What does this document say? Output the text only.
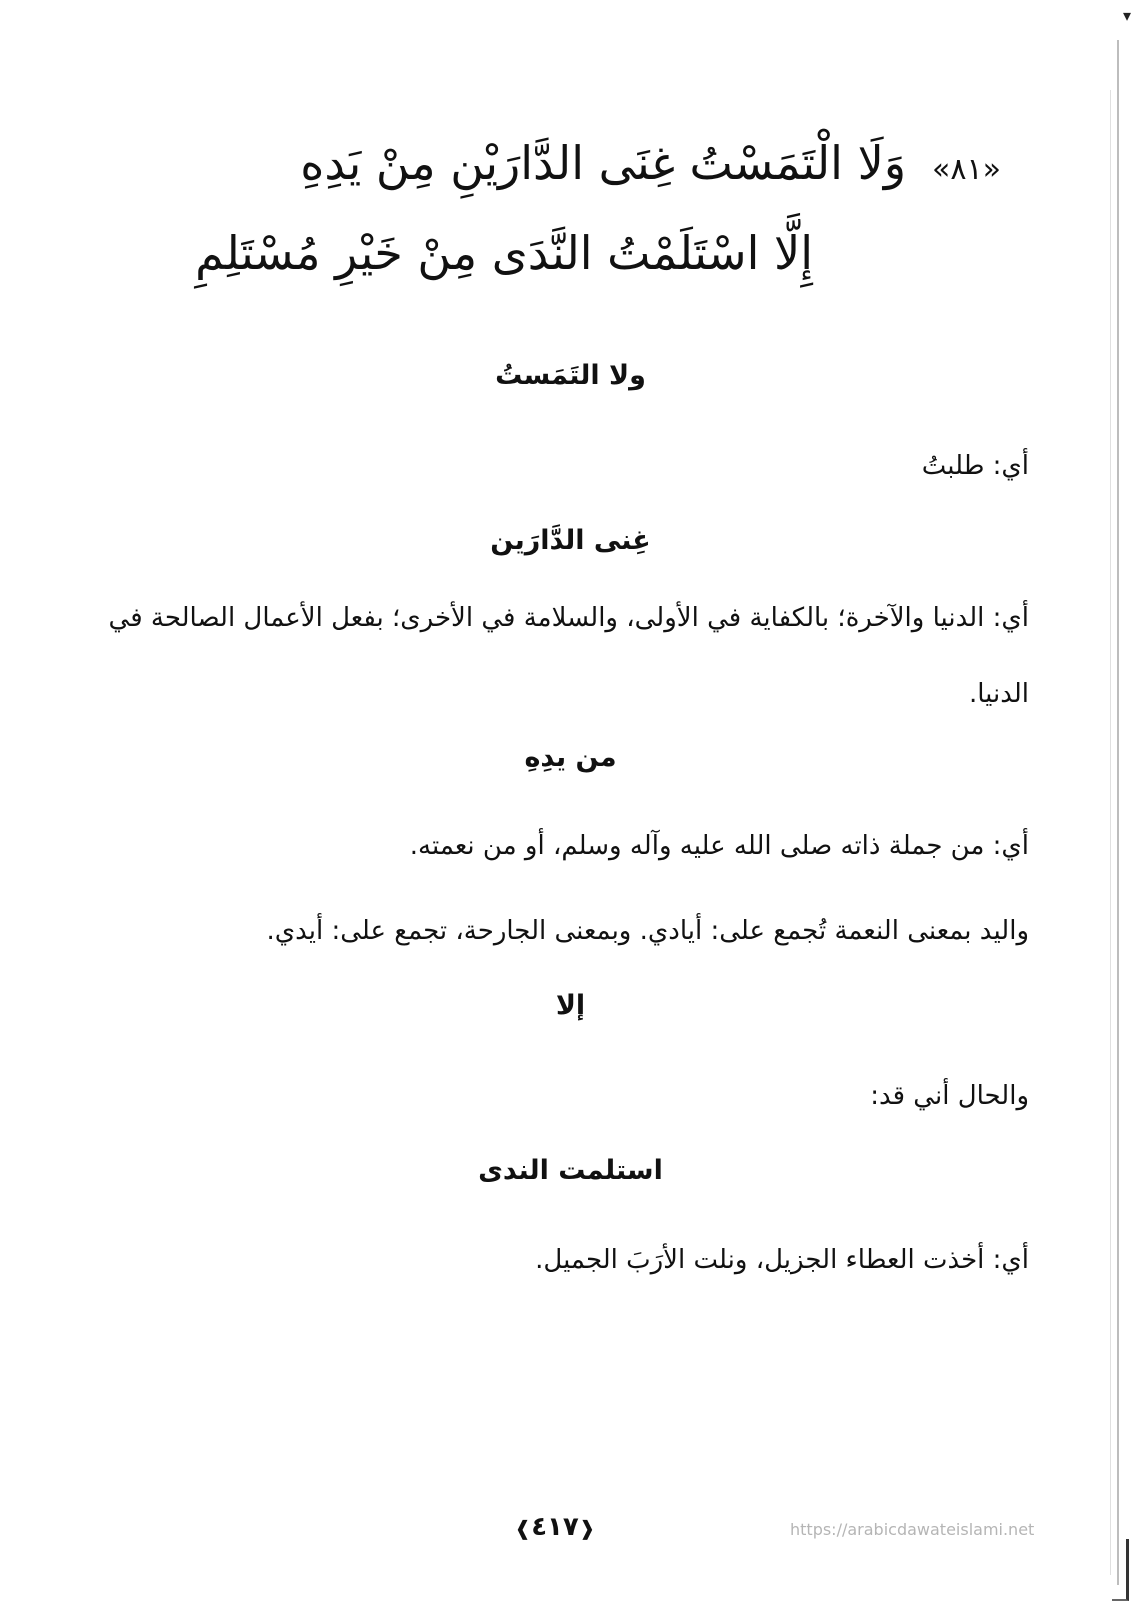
▾
«٨١»وَلَا الْتَمَسْتُ غِنَى الدَّارَيْنِ مِنْ يَدِهِ
إِلَّا اسْتَلَمْتُ النَّدَى مِنْ خَيْرِ مُسْتَلِمِ
ولا التَمَستُ
أي: طلبتُ
غِنى الدَّارَين
أي: الدنيا والآخرة؛ بالكفاية في الأولى، والسلامة في الأخرى؛ بفعل الأعمال الصالحة في الدنيا.
من يدِهِ
أي: من جملة ذاته صلى الله عليه وآله وسلم، أو من نعمته.
واليد بمعنى النعمة تُجمع على: أيادي. وبمعنى الجارحة، تجمع على: أيدي.
إلا
والحال أني قد:
استلمت الندى
أي: أخذت العطاء الجزيل، ونلت الأرَبَ الجميل.
❰٤١٧❱	https://arabicdawateislami.net
